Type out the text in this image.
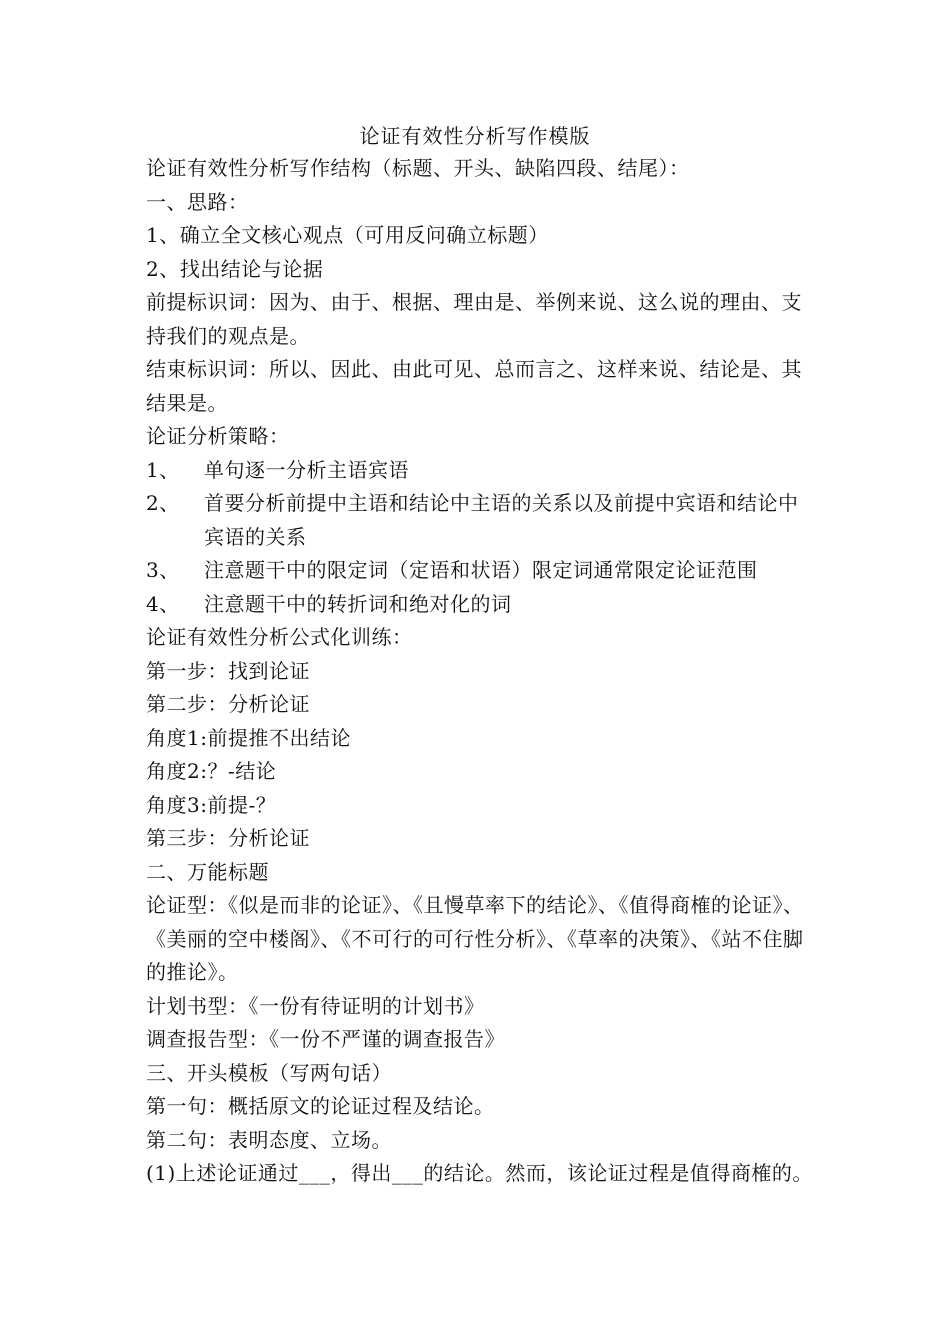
论证有效性分析写作模版
论证有效性分析写作结构（标题、开头、缺陷四段、结尾）：
一、思路：
1、确立全文核心观点（可用反问确立标题）
2、找出结论与论据
前提标识词：因为、由于、根据、理由是、举例来说、这么说的理由、支持我们的观点是。
结束标识词：所以、因此、由此可见、总而言之、这样来说、结论是、其结果是。
论证分析策略：
1、 单句逐一分析主语宾语
2、 首要分析前提中主语和结论中主语的关系以及前提中宾语和结论中宾语的关系
3、 注意题干中的限定词（定语和状语）限定词通常限定论证范围
4、 注意题干中的转折词和绝对化的词
论证有效性分析公式化训练：
第一步：找到论证
第二步：分析论证
角度1:前提推不出结论
角度2:？-结论
角度3:前提-？
第三步：分析论证
二、万能标题
论证型：《似是而非的论证》、《且慢草率下的结论》、《值得商榷的论证》、《美丽的空中楼阁》、《不可行的可行性分析》、《草率的决策》、《站不住脚的推论》。
计划书型：《一份有待证明的计划书》
调查报告型：《一份不严谨的调查报告》
三、开头模板（写两句话）
第一句：概括原文的论证过程及结论。
第二句：表明态度、立场。
(1)上述论证通过___，得出___的结论。然而，该论证过程是值得商榷的。
